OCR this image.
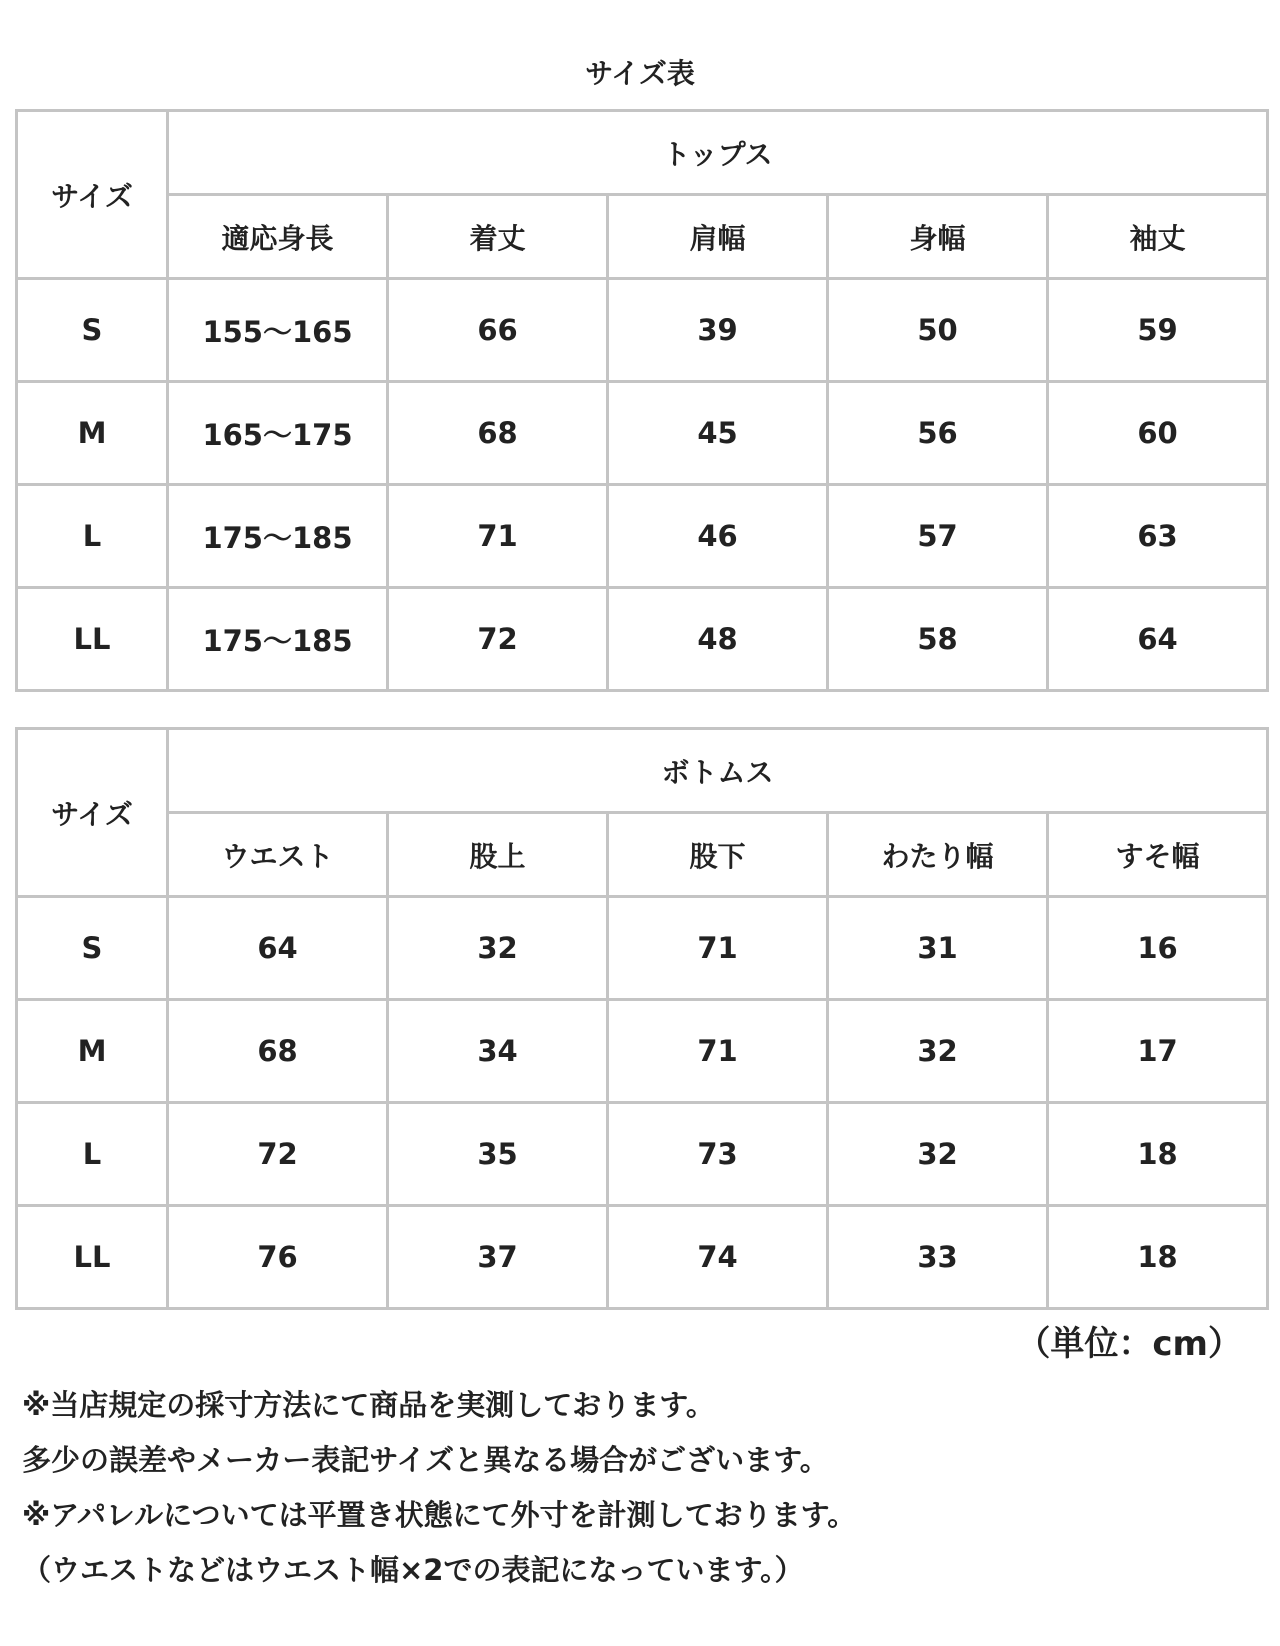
サイズ表
サイズ	トップス				
	適応身長	着丈	肩幅	身幅	袖丈
S	155～165	66	39	50	59
M	165～175	68	45	56	60
L	175～185	71	46	57	63
LL	175～185	72	48	58	64
サイズ	ボトムス				
	ウエスト	股上	股下	わたり幅	すそ幅
S	64	32	71	31	16
M	68	34	71	32	17
L	72	35	73	32	18
LL	76	37	74	33	18
（単位：cm）
※当店規定の採寸方法にて商品を実測しております。
多少の誤差やメーカー表記サイズと異なる場合がございます。
※アパレルについては平置き状態にて外寸を計測しております。
（ウエストなどはウエスト幅×2での表記になっています。）
